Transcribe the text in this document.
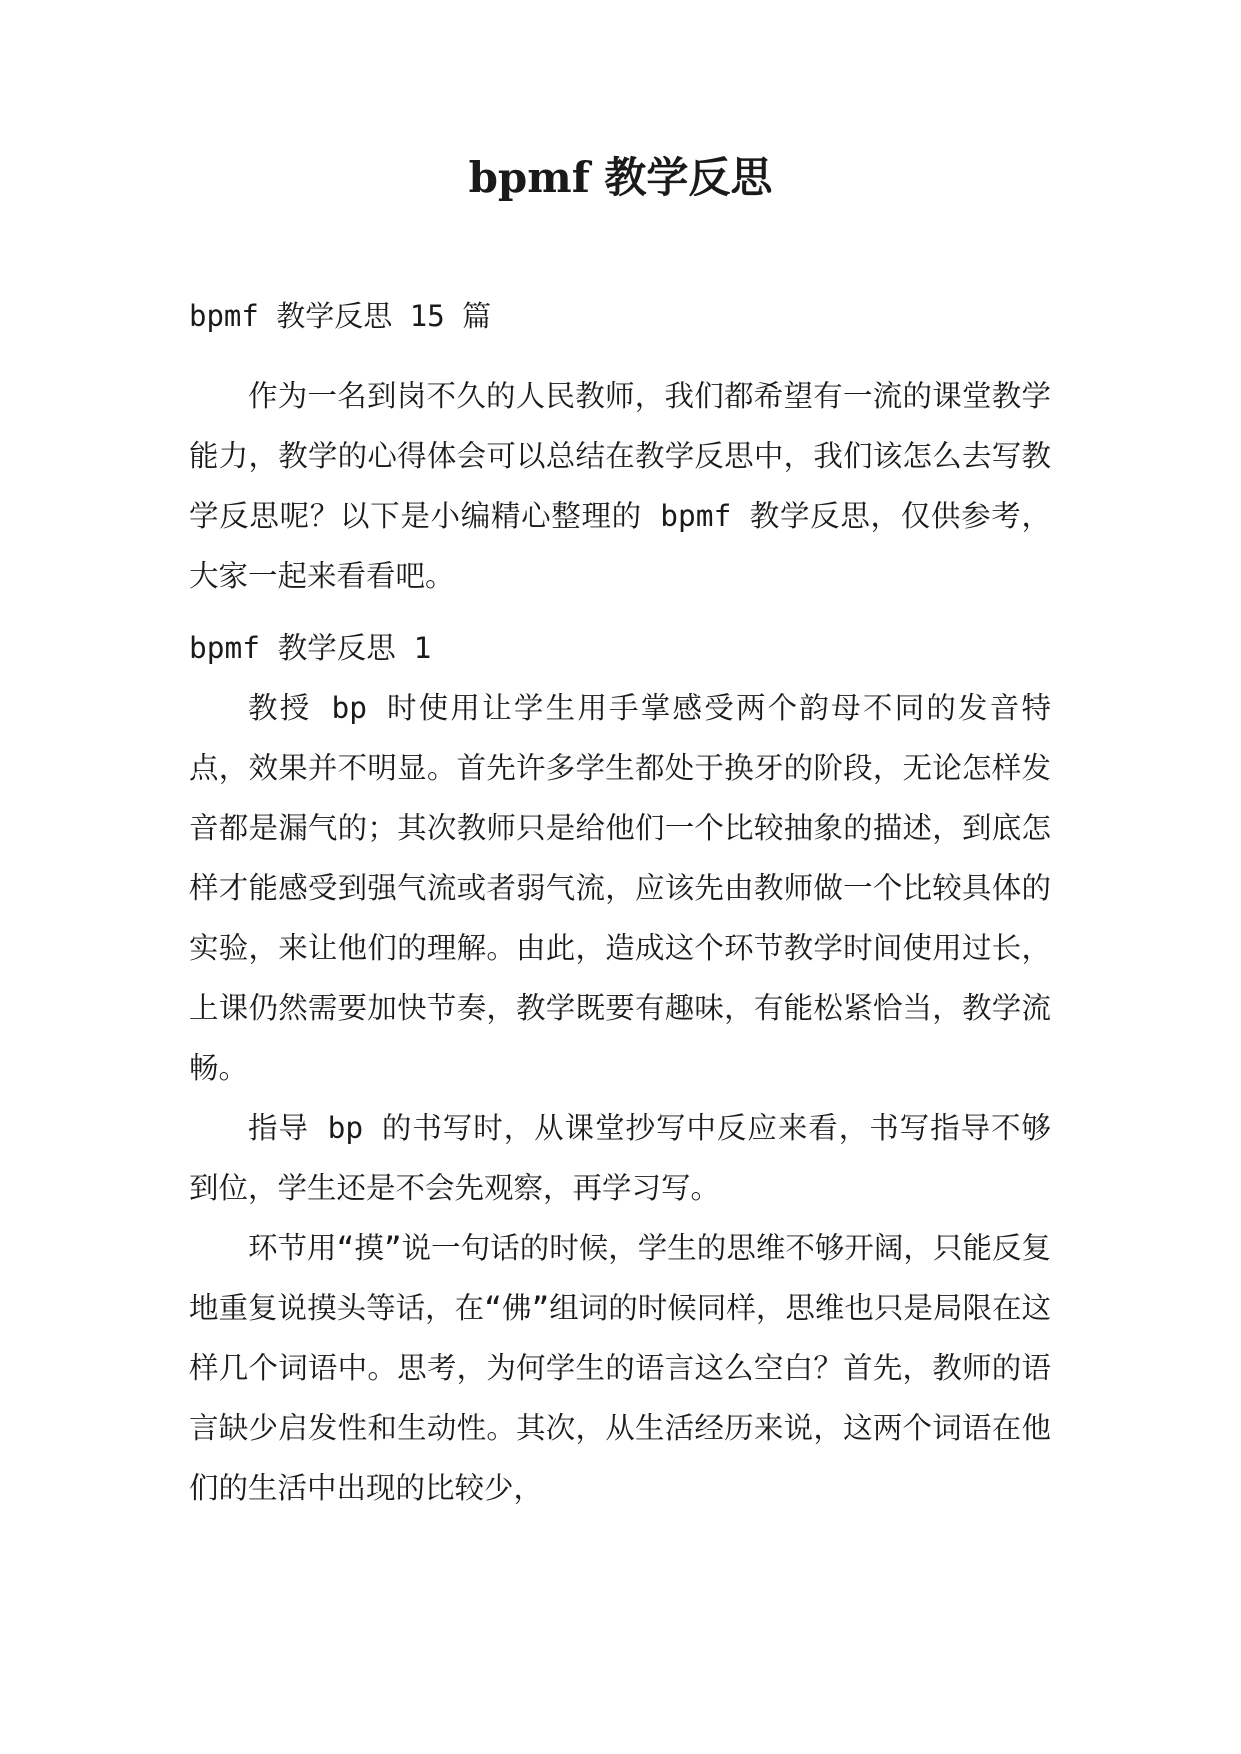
bpmf 教学反思

bpmf 教学反思 15 篇

作为一名到岗不久的人民教师，我们都希望有一流的课堂教学能力，教学的心得体会可以总结在教学反思中，我们该怎么去写教学反思呢？以下是小编精心整理的 bpmf 教学反思，仅供参考，大家一起来看看吧。

bpmf 教学反思 1

教授 bp 时使用让学生用手掌感受两个韵母不同的发音特点，效果并不明显。首先许多学生都处于换牙的阶段，无论怎样发音都是漏气的；其次教师只是给他们一个比较抽象的描述，到底怎样才能感受到强气流或者弱气流，应该先由教师做一个比较具体的实验，来让他们的理解。由此，造成这个环节教学时间使用过长，上课仍然需要加快节奏，教学既要有趣味，有能松紧恰当，教学流畅。

指导 bp 的书写时，从课堂抄写中反应来看，书写指导不够到位，学生还是不会先观察，再学习写。

环节用“摸”说一句话的时候，学生的思维不够开阔，只能反复地重复说摸头等话，在“佛”组词的时候同样，思维也只是局限在这样几个词语中。思考，为何学生的语言这么空白？首先，教师的语言缺少启发性和生动性。其次，从生活经历来说，这两个词语在他们的生活中出现的比较少，
